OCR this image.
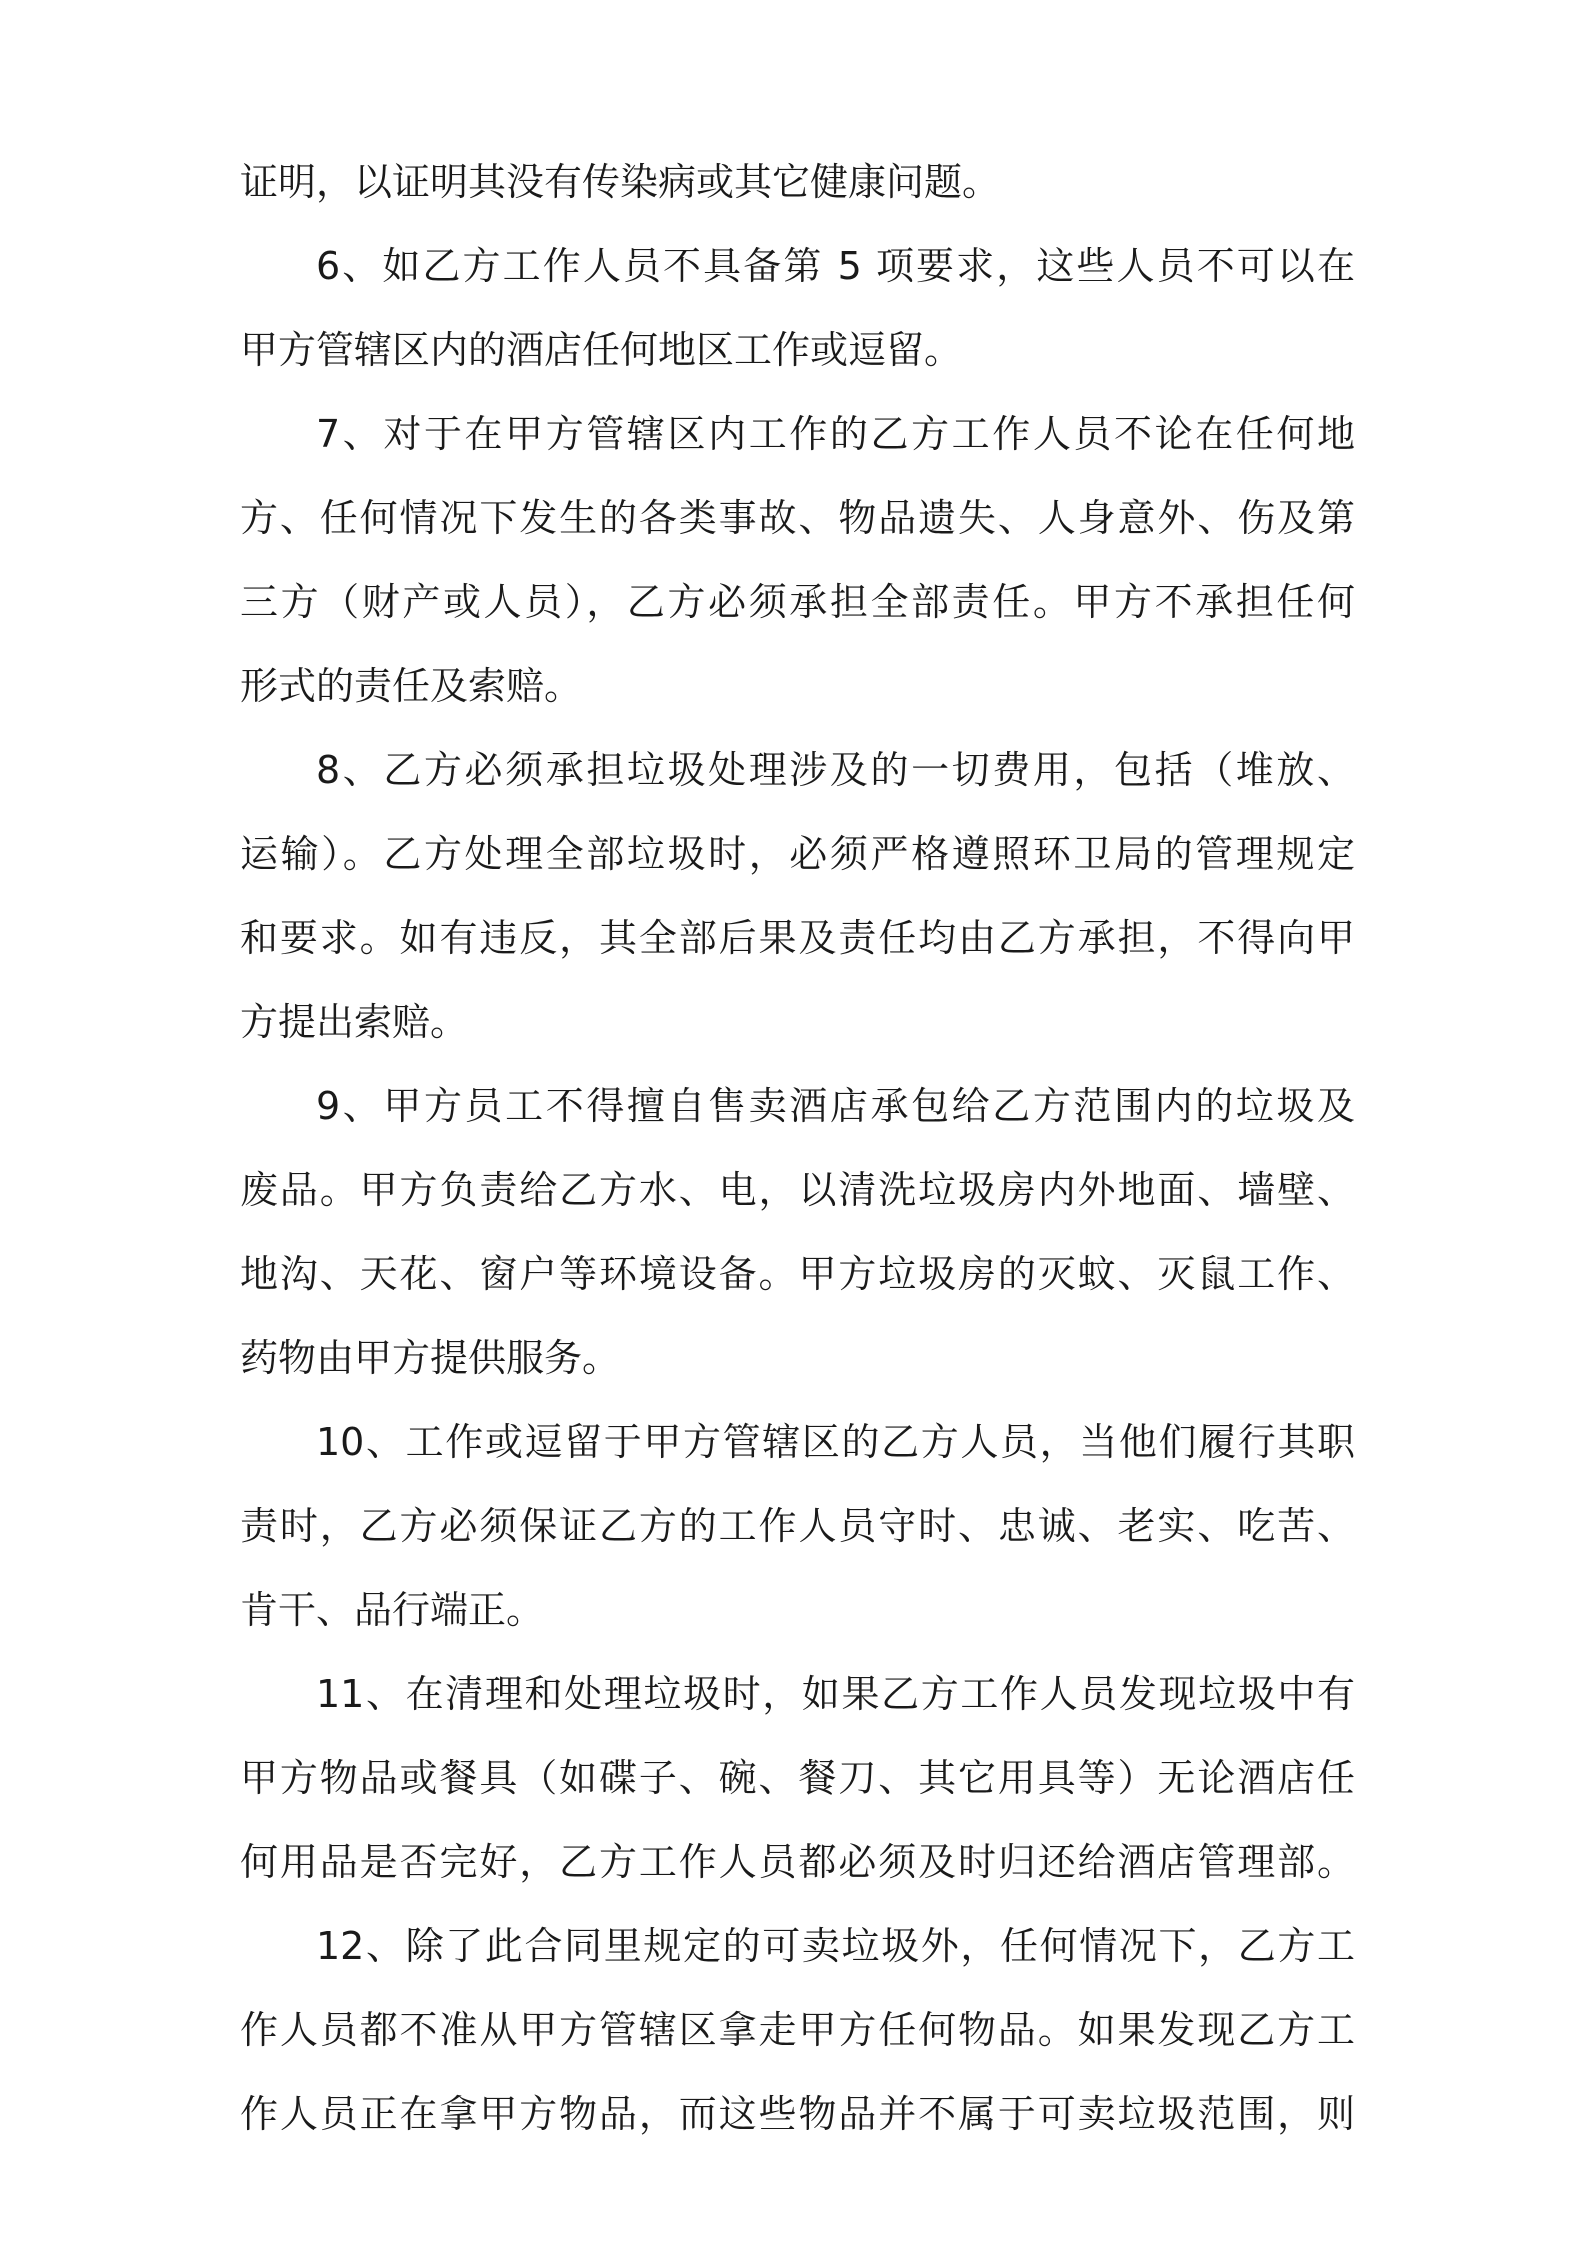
证明，以证明其没有传染病或其它健康问题。
6、如乙方工作人员不具备第 5 项要求，这些人员不可以在
甲方管辖区内的酒店任何地区工作或逗留。
7、对于在甲方管辖区内工作的乙方工作人员不论在任何地
方、任何情况下发生的各类事故、物品遗失、人身意外、伤及第
三方（财产或人员），乙方必须承担全部责任。甲方不承担任何
形式的责任及索赔。
8、乙方必须承担垃圾处理涉及的一切费用，包括（堆放、
运输）。乙方处理全部垃圾时，必须严格遵照环卫局的管理规定
和要求。如有违反，其全部后果及责任均由乙方承担，不得向甲
方提出索赔。
9、甲方员工不得擅自售卖酒店承包给乙方范围内的垃圾及
废品。甲方负责给乙方水、电，以清洗垃圾房内外地面、墙壁、
地沟、天花、窗户等环境设备。甲方垃圾房的灭蚊、灭鼠工作、
药物由甲方提供服务。
10、工作或逗留于甲方管辖区的乙方人员，当他们履行其职
责时，乙方必须保证乙方的工作人员守时、忠诚、老实、吃苦、
肯干、品行端正。
11、在清理和处理垃圾时，如果乙方工作人员发现垃圾中有
甲方物品或餐具（如碟子、碗、餐刀、其它用具等）无论酒店任
何用品是否完好，乙方工作人员都必须及时归还给酒店管理部。
12、除了此合同里规定的可卖垃圾外，任何情况下，乙方工
作人员都不准从甲方管辖区拿走甲方任何物品。如果发现乙方工
作人员正在拿甲方物品，而这些物品并不属于可卖垃圾范围，则
